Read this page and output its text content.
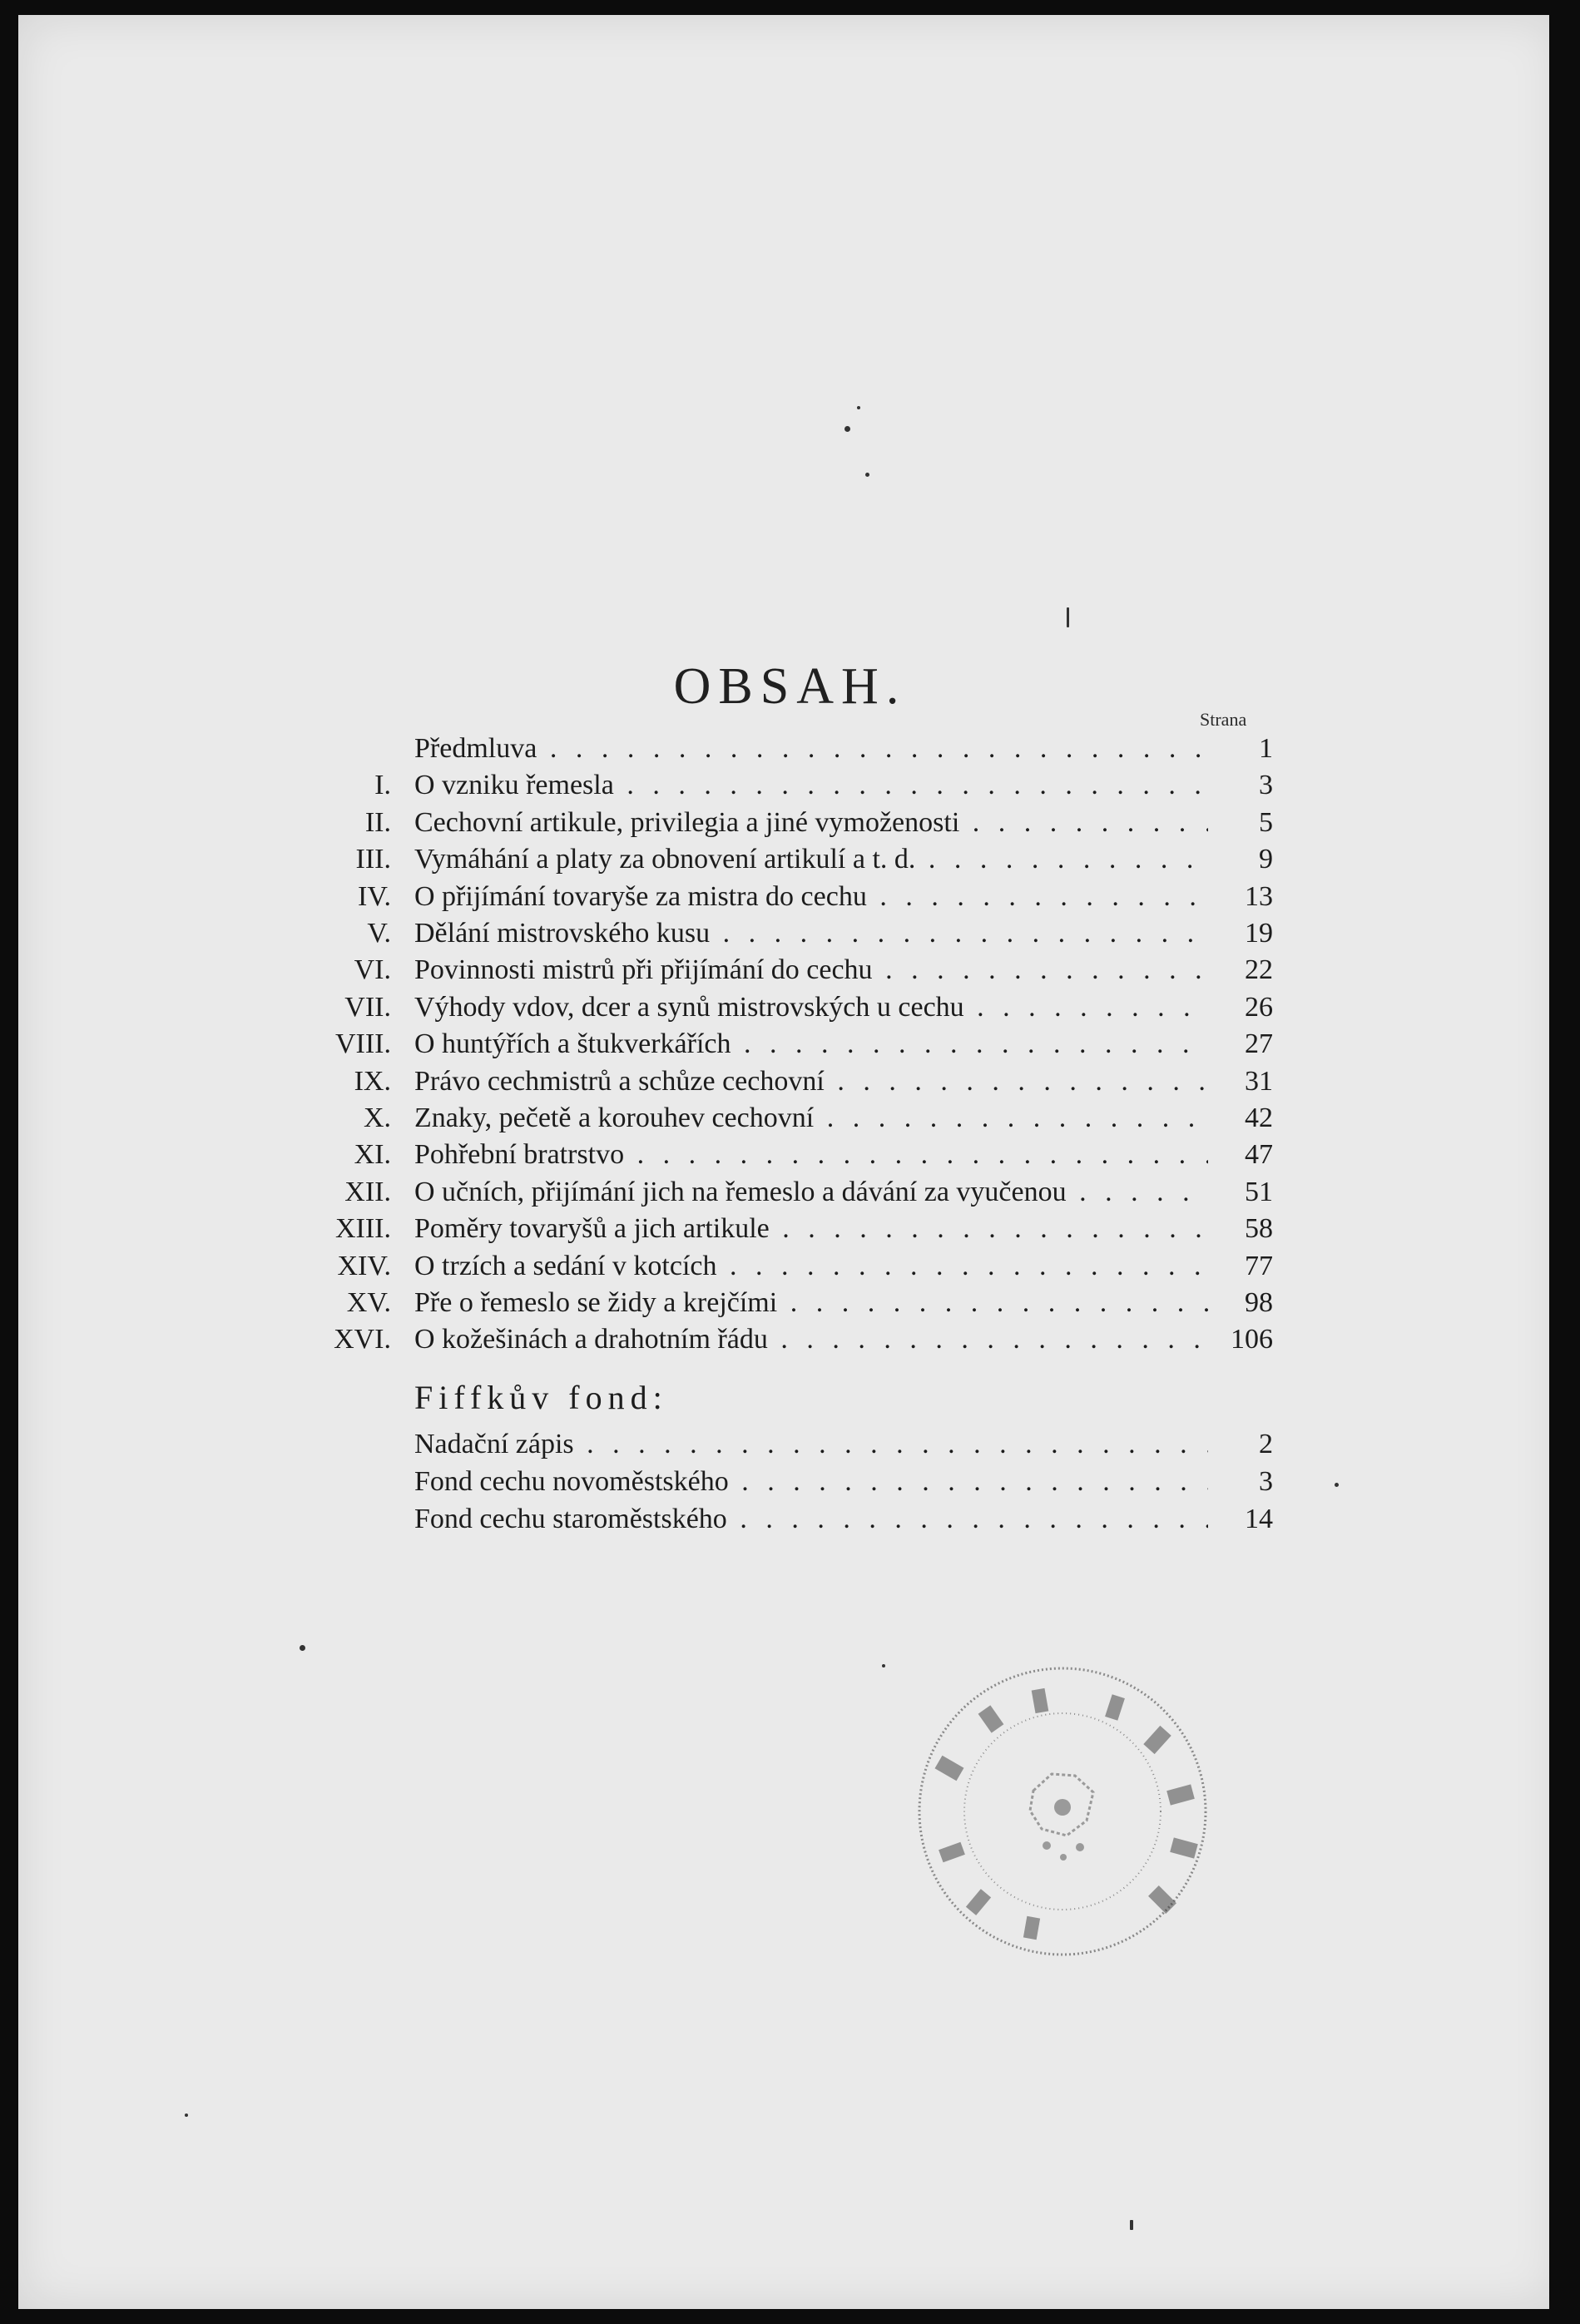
OBSAH.
Strana
Předmluva . . .	1
I. O vzniku řemesla . . .	3
II. Cechovní artikule, privilegia a jiné vymoženosti . . .	5
III. Vymáhání a platy za obnovení artikulí a t. d. . . .	9
IV. O přijímání tovaryše za mistra do cechu . . .	13
V. Dělání mistrovského kusu . . .	19
VI. Povinnosti mistrů při přijímání do cechu . . .	22
VII. Výhody vdov, dcer a synů mistrovských u cechu . . .	26
VIII. O huntýřích a štukverkářích . . .	27
IX. Právo cechmistrů a schůze cechovní . . .	31
X. Znaky, pečetě a korouhev cechovní . . .	42
XI. Pohřební bratrstvo . . .	47
XII. O učních, přijímání jich na řemeslo a dávání za vyučenou . . .	51
XIII. Poměry tovaryšů a jich artikule . . .	58
XIV. O trzích a sedání v kotcích . . .	77
XV. Pře o řemeslo se židy a krejčími . . .	98
XVI. O kožešinách a drahotním řádu . . .	106
Fiffkův fond:
Nadační zápis . . .	2
Fond cechu novoměstského . . .	3
Fond cechu staroměstského . . .	14
